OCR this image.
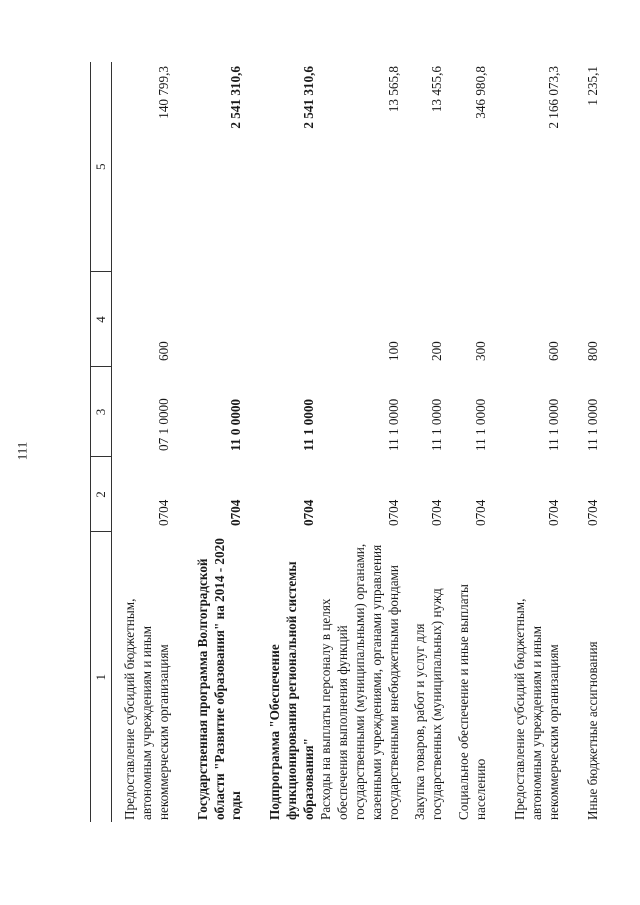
111
1	2	3	4	5
Предоставление субсидий бюджетным, автономным учреждениям и иным некоммерческим организациям	0704	07 1 0000	600	140 799,3
Государственная программа Волгоградской области "Развитие образования" на 2014 - 2020 годы	0704	11 0 0000		2 541 310,6
Подпрограмма "Обеспечение функционирования региональной системы образования"	0704	11 1 0000		2 541 310,6
Расходы на выплаты персоналу в целях обеспечения выполнения функций государственными (муниципальными) органами, казенными учреждениями, органами управления государственными внебюджетными фондами	0704	11 1 0000	100	13 565,8
Закупка товаров, работ и услуг для государственных (муниципальных) нужд	0704	11 1 0000	200	13 455,6
Социальное обеспечение и иные выплаты населению	0704	11 1 0000	300	346 980,8
Предоставление субсидий бюджетным, автономным учреждениям и иным некоммерческим организациям	0704	11 1 0000	600	2 166 073,3
Иные бюджетные ассигнования	0704	11 1 0000	800	1 235,1
